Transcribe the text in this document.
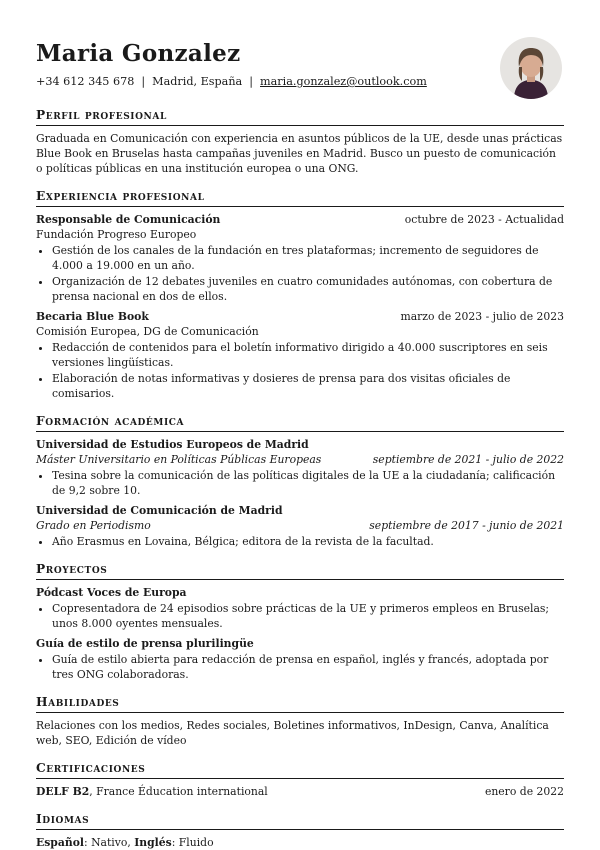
Maria Gonzalez
+34 612 345 678 | Madrid, España | maria.gonzalez@outlook.com
Perfil profesional
Graduada en Comunicación con experiencia en asuntos públicos de la UE, desde unas prácticas Blue Book en Bruselas hasta campañas juveniles en Madrid. Busco un puesto de comunicación o políticas públicas en una institución europea o una ONG.
Experiencia profesional
Responsable de Comunicación	octubre de 2023 - Actualidad
Fundación Progreso Europeo
• Gestión de los canales de la fundación en tres plataformas; incremento de seguidores de 4.000 a 19.000 en un año.
• Organización de 12 debates juveniles en cuatro comunidades autónomas, con cobertura de prensa nacional en dos de ellos.
Becaria Blue Book	marzo de 2023 - julio de 2023
Comisión Europea, DG de Comunicación
• Redacción de contenidos para el boletín informativo dirigido a 40.000 suscriptores en seis versiones lingüísticas.
• Elaboración de notas informativas y dosieres de prensa para dos visitas oficiales de comisarios.
Formación académica
Universidad de Estudios Europeos de Madrid
Máster Universitario en Políticas Públicas Europeas	septiembre de 2021 - julio de 2022
• Tesina sobre la comunicación de las políticas digitales de la UE a la ciudadanía; calificación de 9,2 sobre 10.
Universidad de Comunicación de Madrid
Grado en Periodismo	septiembre de 2017 - junio de 2021
• Año Erasmus en Lovaina, Bélgica; editora de la revista de la facultad.
Proyectos
Pódcast Voces de Europa
• Copresentadora de 24 episodios sobre prácticas de la UE y primeros empleos en Bruselas; unos 8.000 oyentes mensuales.
Guía de estilo de prensa plurilingüe
• Guía de estilo abierta para redacción de prensa en español, inglés y francés, adoptada por tres ONG colaboradoras.
Habilidades
Relaciones con los medios, Redes sociales, Boletines informativos, InDesign, Canva, Analítica web, SEO, Edición de vídeo
Certificaciones
DELF B2, France Éducation international	enero de 2022
Idiomas
Español: Nativo, Inglés: Fluido
